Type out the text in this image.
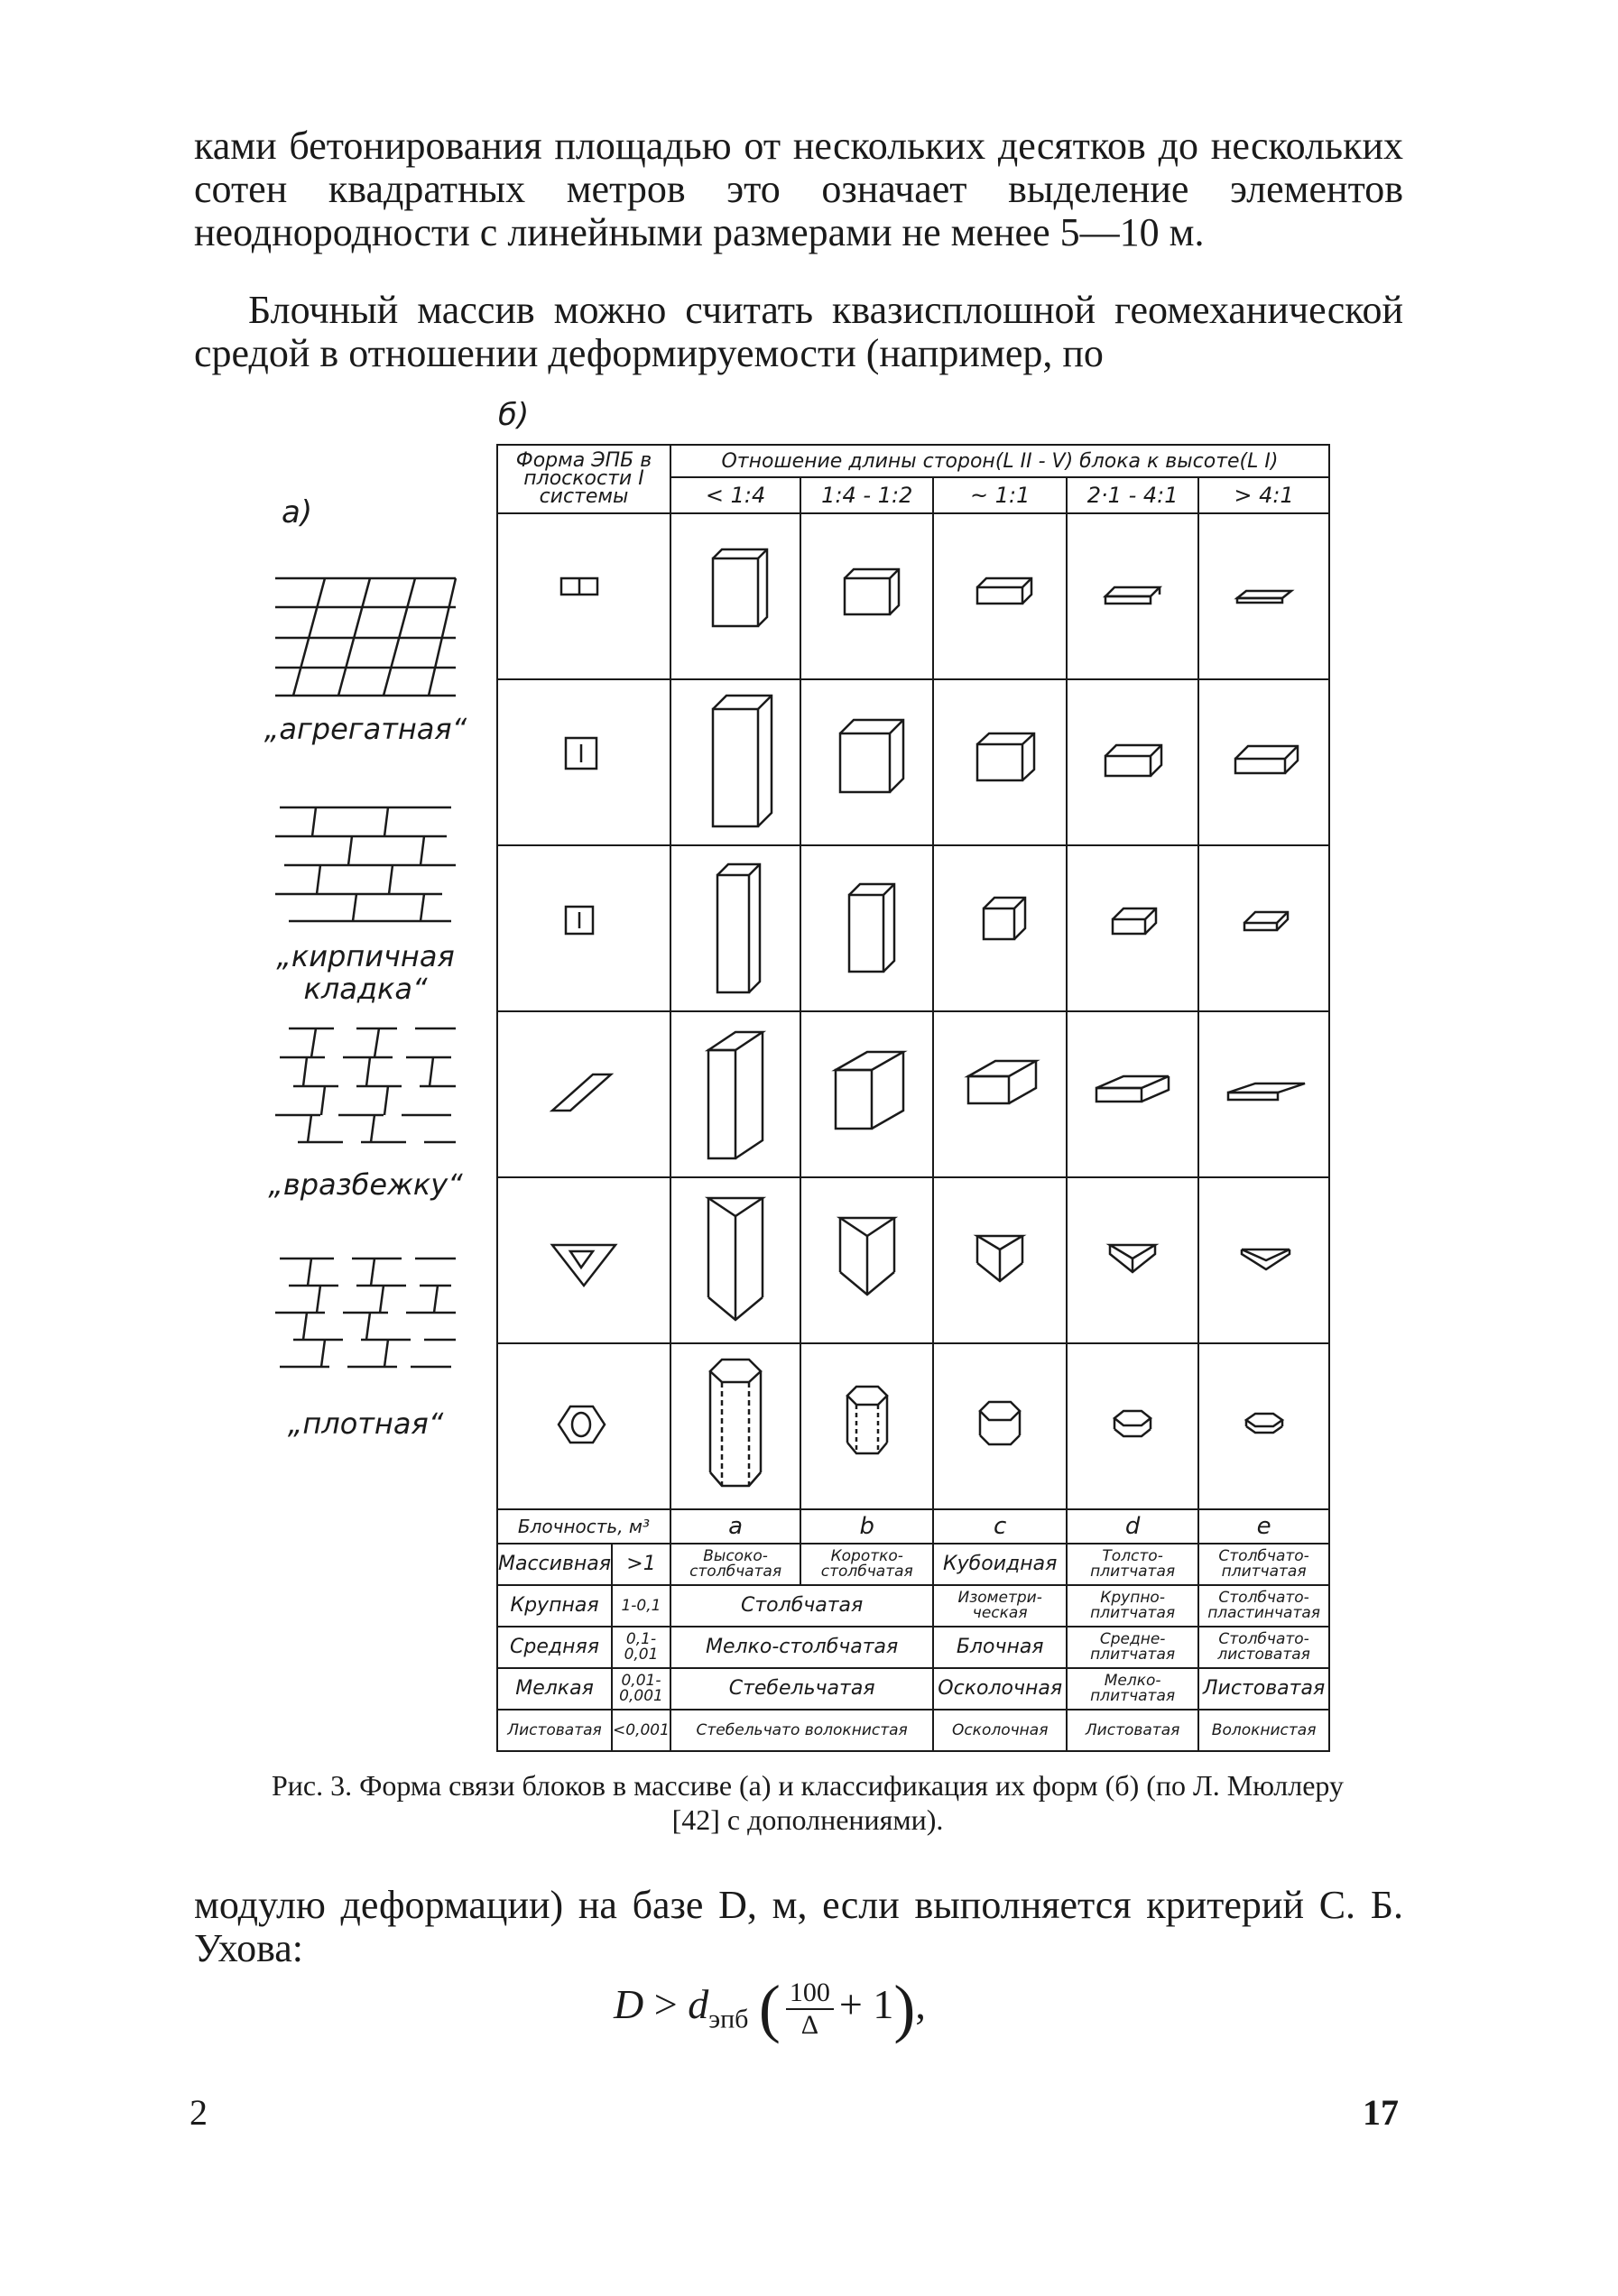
ками бетонирования площадью от нескольких десятков до нескольких сотен квадратных метров это означает выделение элементов неоднородности с линейными размерами не менее 5—10 м.
Блочный массив можно считать квазисплошной геомеханической средой в отношении деформируемости (например, по
а)
б)
„агрегатная“
„кирпичная кладка“
„вразбежку“
„плотная“
Форма ЭПБ в плоскости I системы		Отношение длины сторон(L II - V) блока к высоте(L I)				
		< 1:4	1:4 - 1:2	~ 1:1	2·1 - 4:1	> 4:1

Блочность, м³		a	b	c	d	e
Массивная	>1	Высоко-столбчатая	Коротко-столбчатая	Кубоидная	Толсто-плитчатая	Столбчато-плитчатая
Крупная	1-0,1	Столбчатая		Изометри-ческая	Крупно-плитчатая	Столбчато-пластинчатая
Средняя	0,1-0,01	Мелко-столбчатая		Блочная	Средне-плитчатая	Столбчато-листоватая
Мелкая	0,01-0,001	Стебельчатая		Осколочная	Мелко-плитчатая	Листоватая
Листоватая	<0,001	Стебельчато волокнистая		Осколочная	Листоватая	Волокнистая
Рис. 3. Форма связи блоков в массиве (а) и классификация их форм (б) (по Л. Мюллеру [42] с дополнениями).
модулю деформации) на базе D, м, если выполняется критерий С. Б. Ухова:
$D > d_{эпб}$ ( $\frac{100}{\Delta} + 1$),
2	17
